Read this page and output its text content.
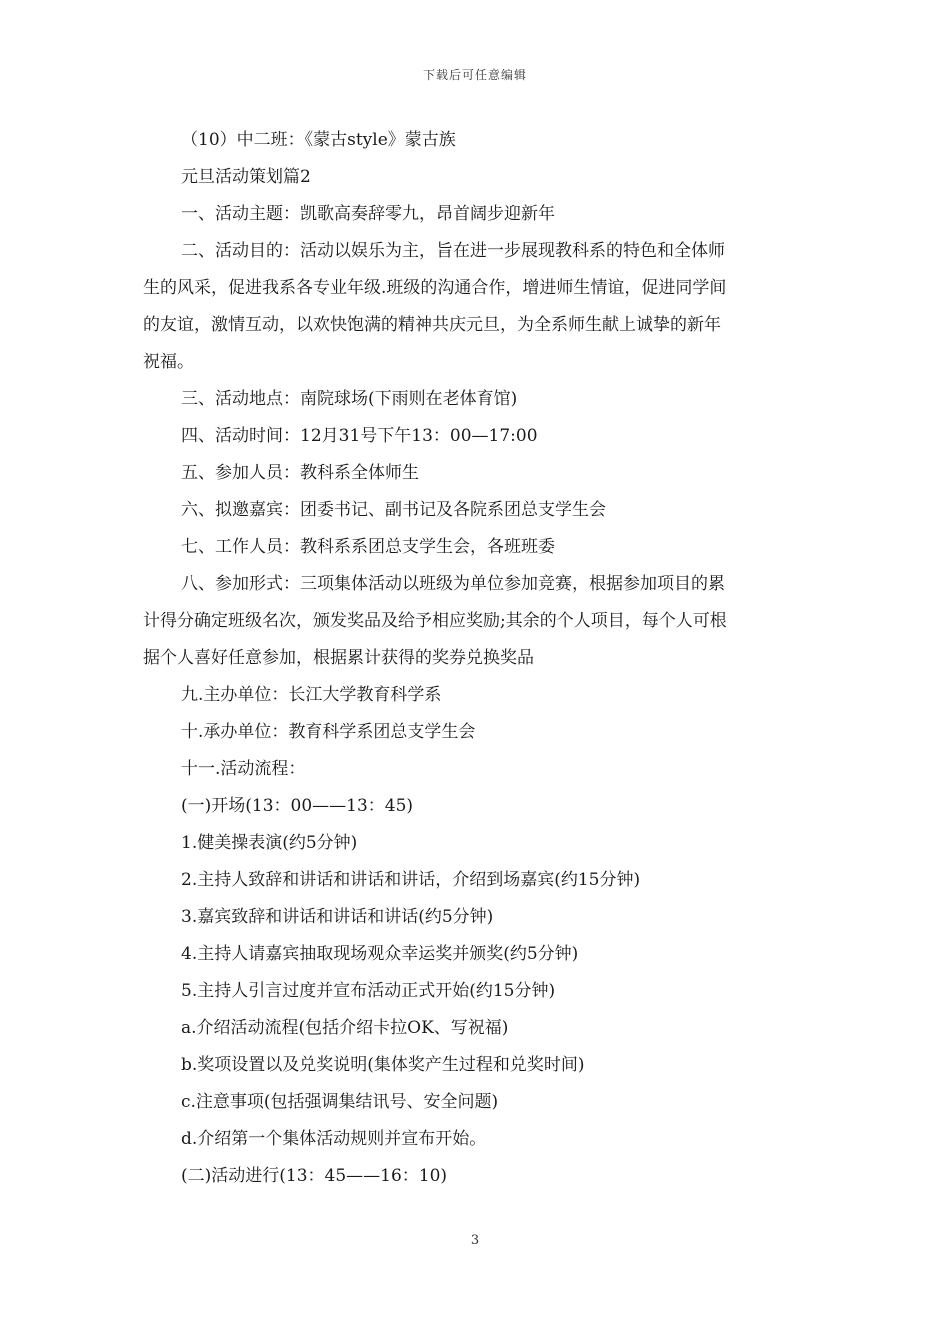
下载后可任意编辑
（10）中二班：《蒙古style》蒙古族
元旦活动策划篇2
一、活动主题：凯歌高奏辞零九，昂首阔步迎新年
二、活动目的：活动以娱乐为主，旨在进一步展现教科系的特色和全体师
生的风采，促进我系各专业年级.班级的沟通合作，增进师生情谊，促进同学间
的友谊，激情互动，以欢快饱满的精神共庆元旦，为全系师生献上诚挚的新年
祝福。
三、活动地点：南院球场(下雨则在老体育馆)
四、活动时间：12月31号下午13：00—17:00
五、参加人员：教科系全体师生
六、拟邀嘉宾：团委书记、副书记及各院系团总支学生会
七、工作人员：教科系系团总支学生会，各班班委
八、参加形式：三项集体活动以班级为单位参加竞赛，根据参加项目的累
计得分确定班级名次，颁发奖品及给予相应奖励;其余的个人项目，每个人可根
据个人喜好任意参加，根据累计获得的奖券兑换奖品
九.主办单位：长江大学教育科学系
十.承办单位：教育科学系团总支学生会
十一.活动流程：
(一)开场(13：00——13：45)
1.健美操表演(约5分钟)
2.主持人致辞和讲话和讲话和讲话，介绍到场嘉宾(约15分钟)
3.嘉宾致辞和讲话和讲话和讲话(约5分钟)
4.主持人请嘉宾抽取现场观众幸运奖并颁奖(约5分钟)
5.主持人引言过度并宣布活动正式开始(约15分钟)
a.介绍活动流程(包括介绍卡拉OK、写祝福)
b.奖项设置以及兑奖说明(集体奖产生过程和兑奖时间)
c.注意事项(包括强调集结讯号、安全问题)
d.介绍第一个集体活动规则并宣布开始。
(二)活动进行(13：45——16：10)
3
